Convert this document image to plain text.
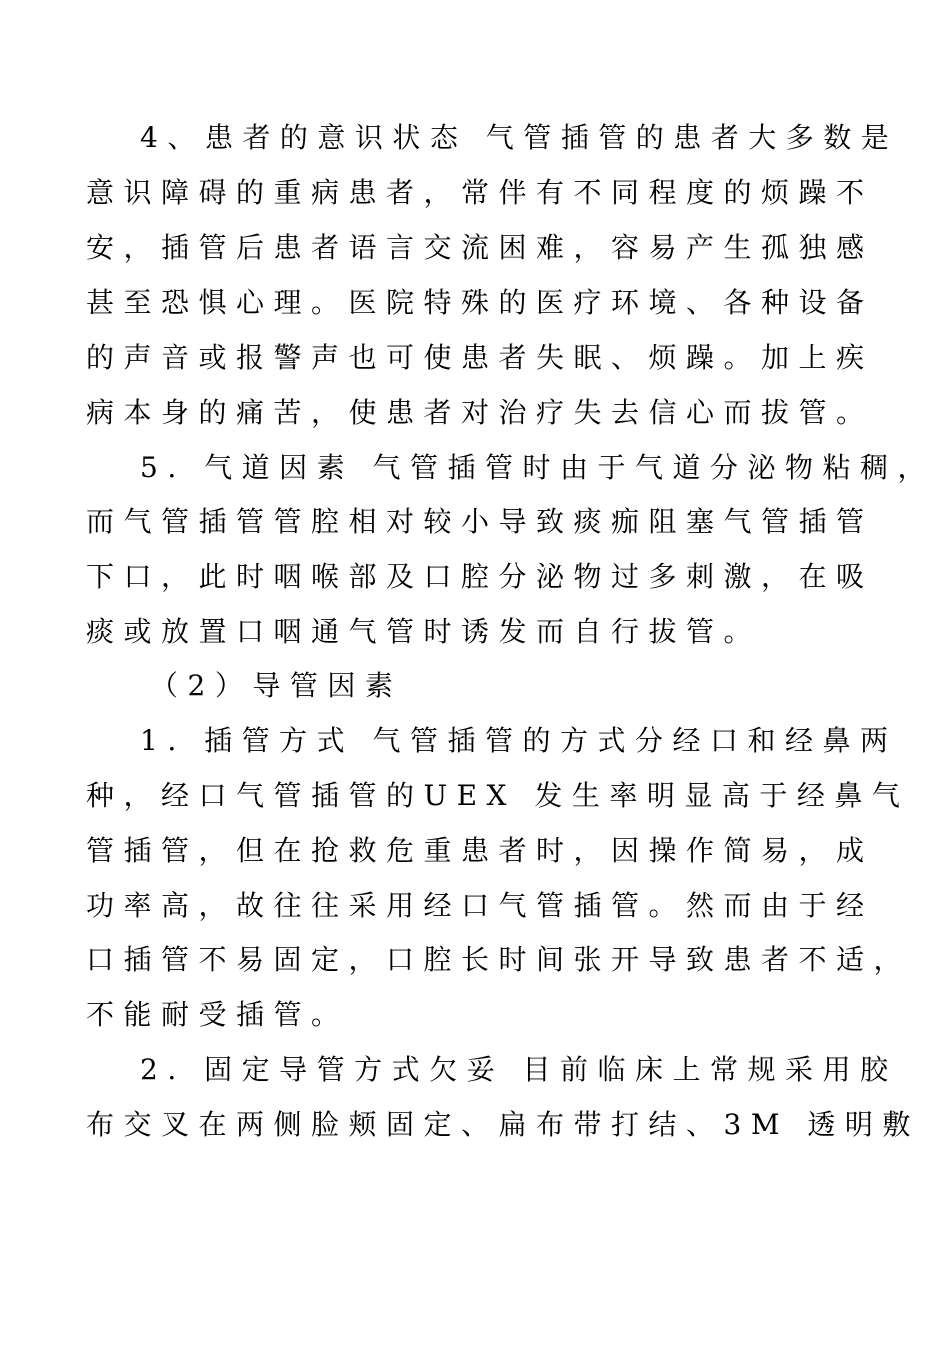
4、患者的意识状态 气管插管的患者大多数是
意识障碍的重病患者，常伴有不同程度的烦躁不
安，插管后患者语言交流困难，容易产生孤独感
甚至恐惧心理。医院特殊的医疗环境、各种设备
的声音或报警声也可使患者失眠、烦躁。加上疾
病本身的痛苦，使患者对治疗失去信心而拔管。
5. 气道因素 气管插管时由于气道分泌物粘稠，
而气管插管管腔相对较小导致痰痂阻塞气管插管
下口，此时咽喉部及口腔分泌物过多刺激，在吸
痰或放置口咽通气管时诱发而自行拔管。
（2）导管因素
1. 插管方式 气管插管的方式分经口和经鼻两
种，经口气管插管的UEX 发生率明显高于经鼻气
管插管，但在抢救危重患者时，因操作简易，成
功率高，故往往采用经口气管插管。然而由于经
口插管不易固定，口腔长时间张开导致患者不适，
不能耐受插管。
2. 固定导管方式欠妥 目前临床上常规采用胶
布交叉在两侧脸颊固定、扁布带打结、3M 透明敷
